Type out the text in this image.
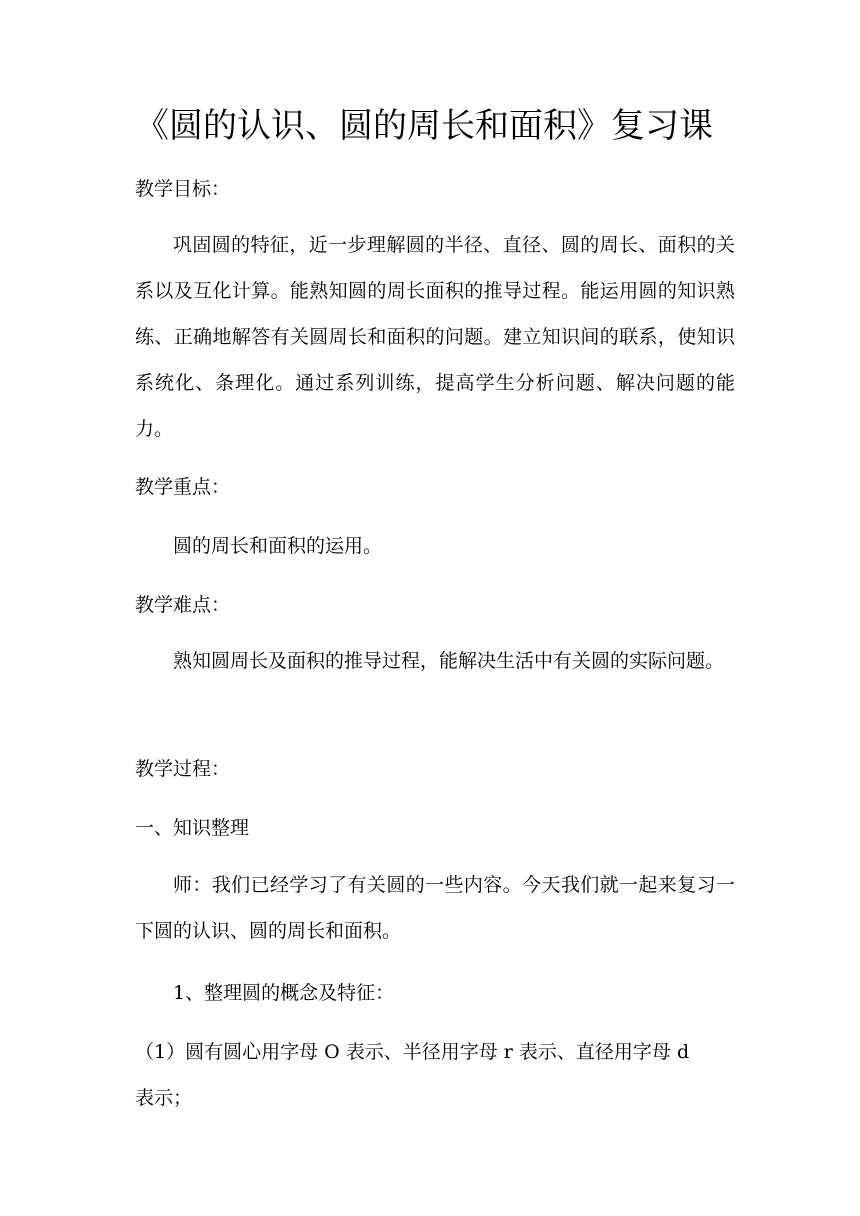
《圆的认识、圆的周长和面积》复习课
教学目标：

巩固圆的特征，近一步理解圆的半径、直径、圆的周长、面积的关系以及互化计算。能熟知圆的周长面积的推导过程。能运用圆的知识熟练、正确地解答有关圆周长和面积的问题。建立知识间的联系，使知识系统化、条理化。通过系列训练，提高学生分析问题、解决问题的能力。

教学重点：
圆的周长和面积的运用。
教学难点：

熟知圆周长及面积的推导过程，能解决生活中有关圆的实际问题。

教学过程：
一、知识整理

师：我们已经学习了有关圆的一些内容。今天我们就一起来复习一下圆的认识、圆的周长和面积。

1、整理圆的概念及特征：
（1）圆有圆心用字母 O 表示、半径用字母 r 表示、直径用字母 d
表示；
